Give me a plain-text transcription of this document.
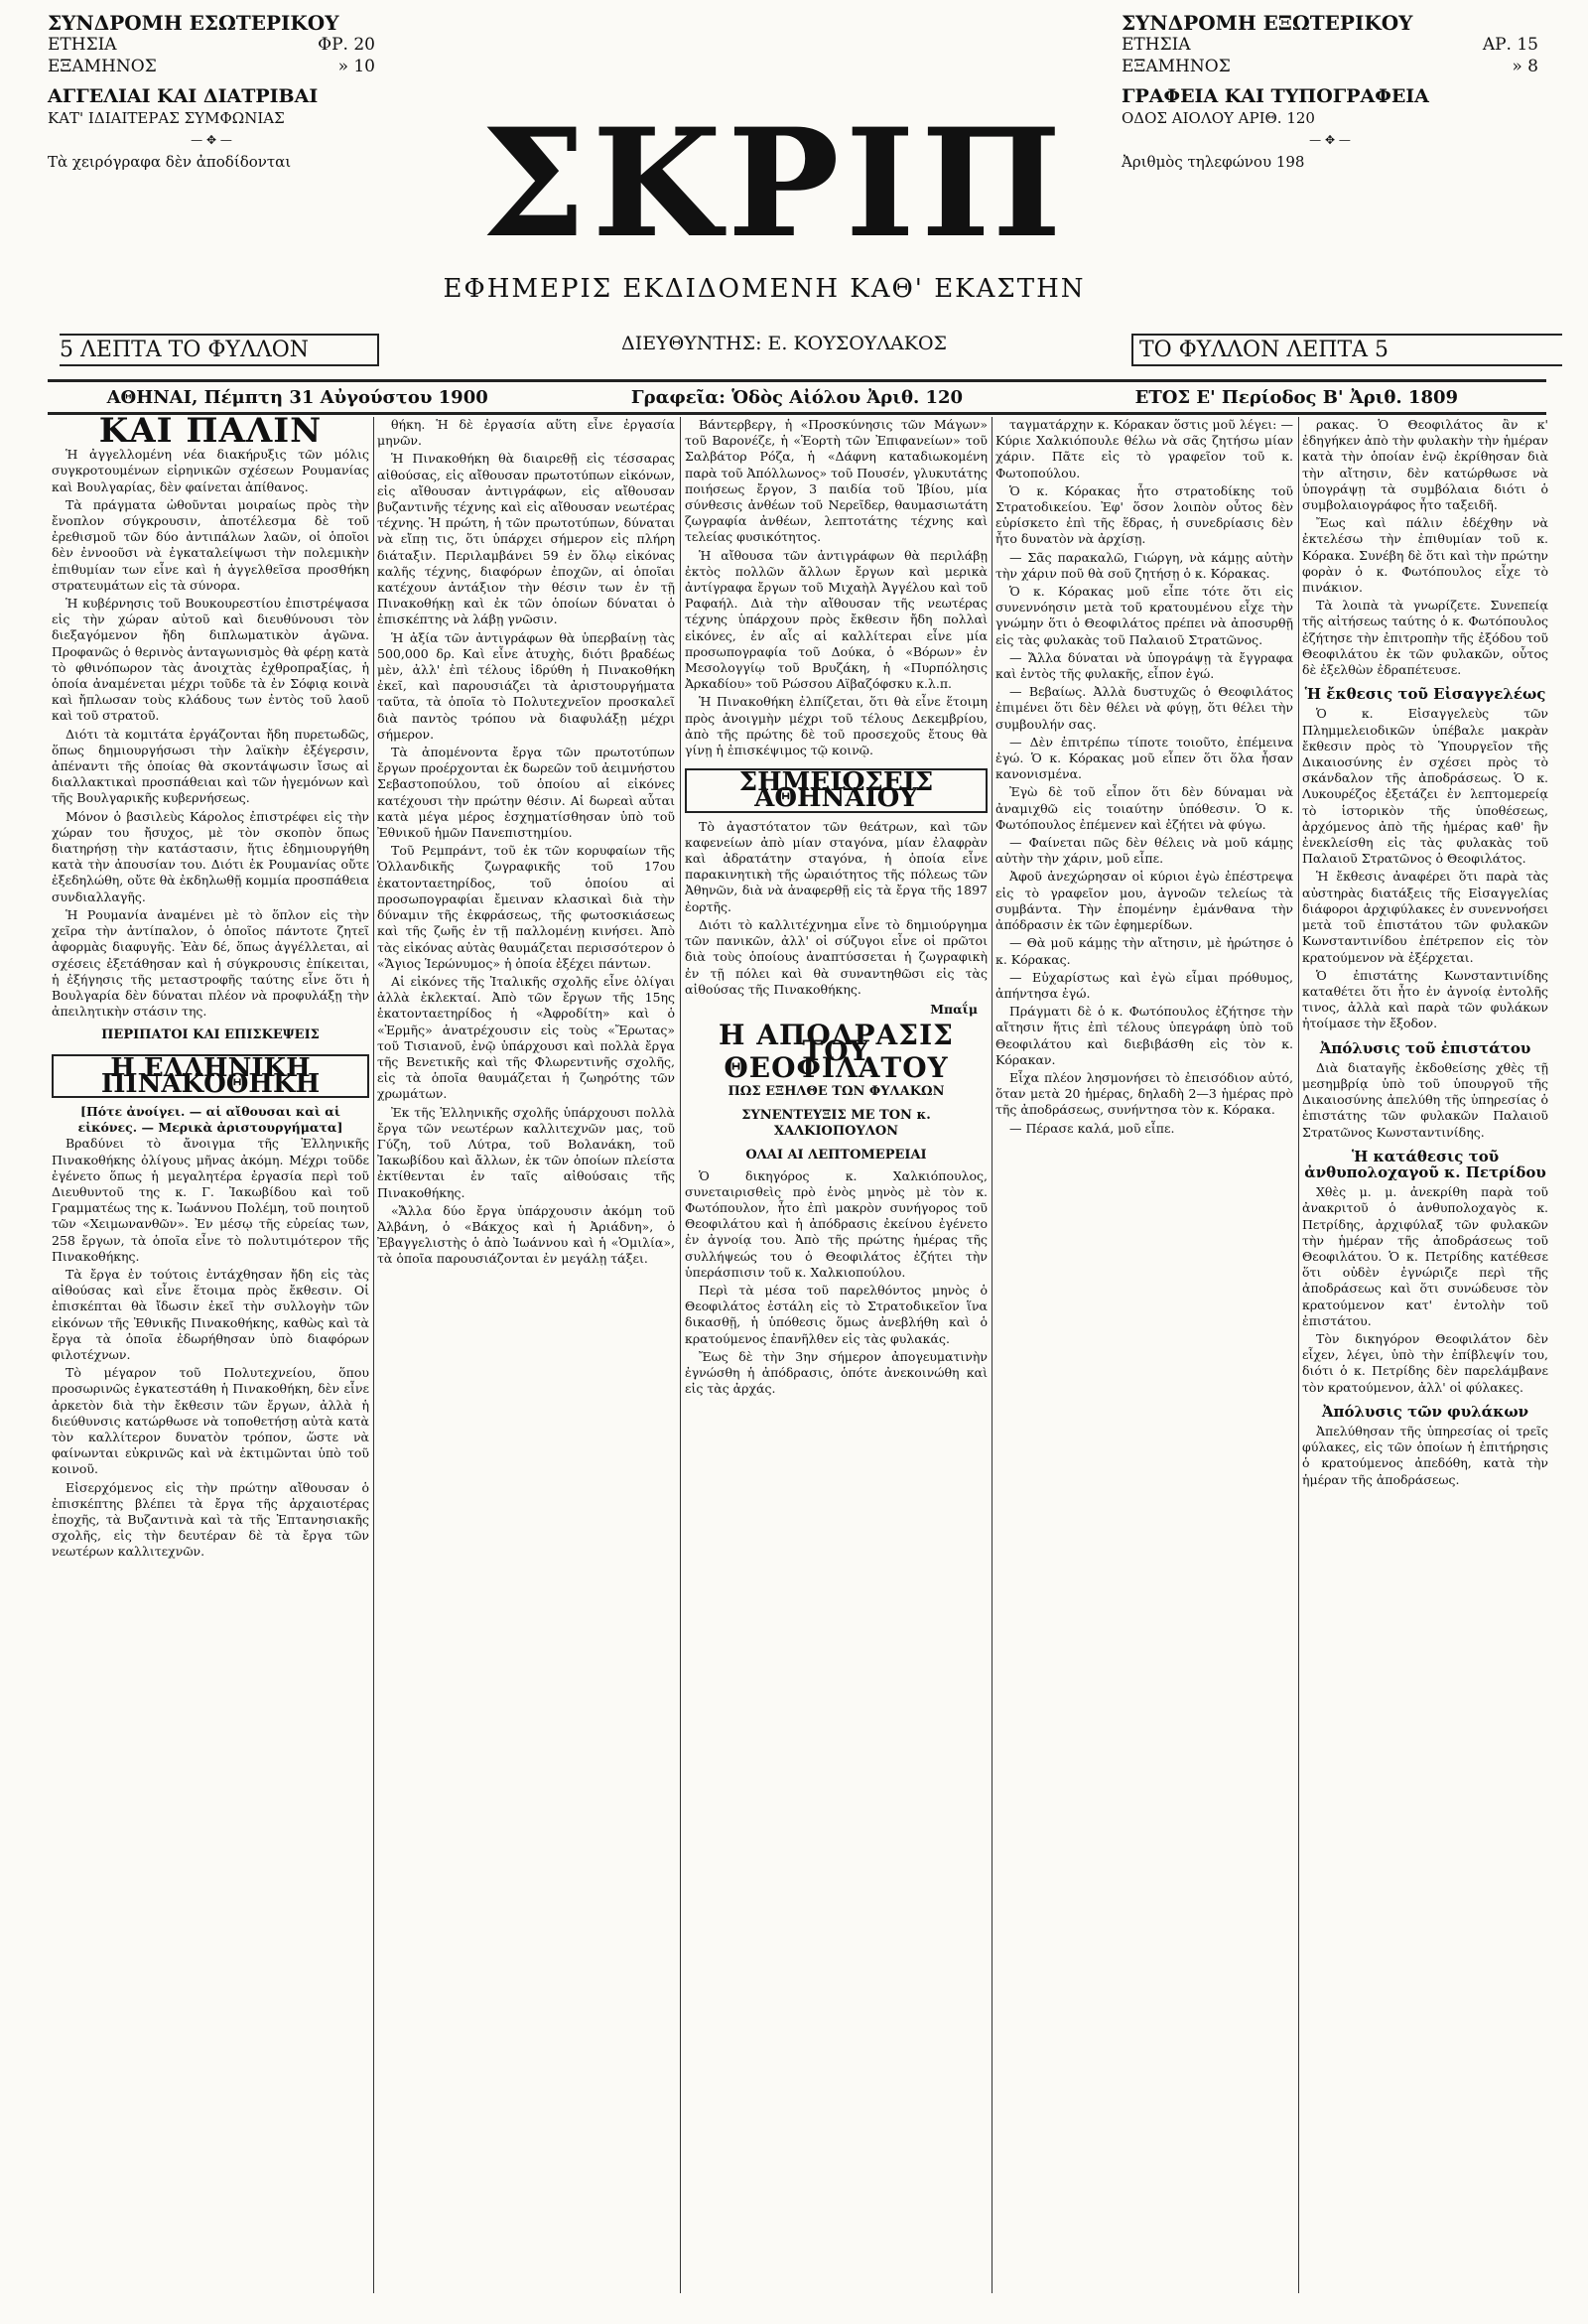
ΣΥΝΔΡΟΜΗ ΕΣΩΤΕΡΙΚΟΥ
ΕΤΗΣΙΑ	ΦΡ. 20
ΕΞΑΜΗΝΟΣ	» 10
ΑΓΓΕΛΙΑΙ ΚΑΙ ΔΙΑΤΡΙΒΑΙ
ΚΑΤ' ΙΔΙΑΙΤΕΡΑΣ ΣΥΜΦΩΝΙΑΣ
— ✥ —
Τὰ χειρόγραφα δὲν ἀποδίδονται
ΣΥΝΔΡΟΜΗ ΕΞΩΤΕΡΙΚΟΥ
ΕΤΗΣΙΑ	ΑΡ. 15
ΕΞΑΜΗΝΟΣ	» 8
ΓΡΑΦΕΙΑ ΚΑΙ ΤΥΠΟΓΡΑΦΕΙΑ
ΟΔΟΣ ΑΙΟΛΟΥ ΑΡΙΘ. 120
— ✥ —
Ἀριθμὸς τηλεφώνου 198
ΣΚΡΙΠ
ΕΦΗΜΕΡΙΣ ΕΚΔΙΔΟΜΕΝΗ ΚΑΘ' ΕΚΑΣΤΗΝ
ΔΙΕΥΘΥΝΤΗΣ: Ε. ΚΟΥΣΟΥΛΑΚΟΣ
5 ΛΕΠΤΑ ΤΟ ΦΥΛΛΟΝ	ΤΟ ΦΥΛΛΟΝ ΛΕΠΤΑ 5
ΑΘΗΝΑΙ, Πέμπτη 31 Αὐγούστου 1900	Γραφεῖα: Ὁδὸς Αἰόλου Ἀριθ. 120	ΕΤΟΣ Ε' Περίοδος Β' Ἀριθ. 1809
ΚΑΙ ΠΑΛΙΝ

Ἡ ἀγγελλομένη νέα διακήρυξις τῶν μόλις συγκροτουμένων εἰρηνικῶν σχέσεων Ρουμανίας καὶ Βουλγαρίας, δὲν φαίνεται ἀπίθανος.

Τὰ πράγματα ὠθοῦνται μοιραίως πρὸς τὴν ἔνοπλον σύγκρουσιν, ἀποτέλεσμα δὲ τοῦ ἐρεθισμοῦ τῶν δύο ἀντιπάλων λαῶν, οἱ ὁποῖοι δὲν ἐννοοῦσι νὰ ἐγκαταλείψωσι τὴν πολεμικὴν ἐπιθυμίαν των εἶνε καὶ ἡ ἀγγελθεῖσα προσθήκη στρατευμάτων εἰς τὰ σύνορα.

Ἡ κυβέρνησις τοῦ Βουκουρεστίου ἐπιστρέψασα εἰς τὴν χώραν αὐτοῦ καὶ διευθύνουσι τὸν διεξαγόμενον ἤδη διπλωματικὸν ἀγῶνα. Προφανῶς ὁ θερινὸς ἀνταγωνισμὸς θὰ φέρῃ κατὰ τὸ φθινόπωρον τὰς ἀνοιχτὰς ἐχθροπραξίας, ἡ ὁποία ἀναμένεται μέχρι τοῦδε τὰ ἐν Σόφιᾳ κοινὰ καὶ ἤπλωσαν τοὺς κλάδους των ἐντὸς τοῦ λαοῦ καὶ τοῦ στρατοῦ.

Διότι τὰ κομιτάτα ἐργάζονται ἤδη πυρετωδῶς, ὅπως δημιουργήσωσι τὴν λαϊκὴν ἐξέγερσιν, ἀπέναντι τῆς ὁποίας θὰ σκοντάψωσιν ἴσως αἱ διαλλακτικαὶ προσπάθειαι καὶ τῶν ἡγεμόνων καὶ τῆς Βουλγαρικῆς κυβερνήσεως.

Μόνον ὁ βασιλεὺς Κάρολος ἐπιστρέφει εἰς τὴν χώραν του ἤσυχος, μὲ τὸν σκοπὸν ὅπως διατηρήσῃ τὴν κατάστασιν, ἥτις ἐδημιουργήθη κατὰ τὴν ἀπουσίαν του. Διότι ἐκ Ρουμανίας οὔτε ἐξεδηλώθη, οὔτε θὰ ἐκδηλωθῇ κομμία προσπάθεια συνδιαλλαγῆς.

Ἡ Ρουμανία ἀναμένει μὲ τὸ ὅπλον εἰς τὴν χεῖρα τὴν ἀντίπαλον, ὁ ὁποῖος πάντοτε ζητεῖ ἀφορμὰς διαφυγῆς. Ἐὰν δέ, ὅπως ἀγγέλλεται, αἱ σχέσεις ἐξετάθησαν καὶ ἡ σύγκρουσις ἐπίκειται, ἡ ἐξήγησις τῆς μεταστροφῆς ταύτης εἶνε ὅτι ἡ Βουλγαρία δὲν δύναται πλέον νὰ προφυλάξῃ τὴν ἀπειλητικὴν στάσιν της.

ΠΕΡΙΠΑΤΟΙ ΚΑΙ ΕΠΙΣΚΕΨΕΙΣ
Η ΕΛΛΗΝΙΚΗ ΠΙΝΑΚΟΘΗΚΗ
[Πότε ἀνοίγει. — αἱ αἴθουσαι καὶ αἱ εἰκόνες. — Μερικὰ ἀριστουργήματα]

Βραδύνει τὸ ἄνοιγμα τῆς Ἑλληνικῆς Πινακοθήκης ὀλίγους μῆνας ἀκόμη. Μέχρι τοῦδε ἐγένετο ὅπως ἡ μεγαλητέρα ἐργασία περὶ τοῦ Διευθυντοῦ της κ. Γ. Ἰακωβίδου καὶ τοῦ Γραμματέως της κ. Ἰωάννου Πολέμη, τοῦ ποιητοῦ τῶν «Χειμωνανθῶν». Ἐν μέσῳ τῆς εὐρείας των, 258 ἔργων, τὰ ὁποῖα εἶνε τὸ πολυτιμότερον τῆς Πινακοθήκης.

Τὰ ἔργα ἐν τούτοις ἐντάχθησαν ἤδη εἰς τὰς αἰθούσας καὶ εἶνε ἕτοιμα πρὸς ἔκθεσιν. Οἱ ἐπισκέπται θὰ ἴδωσιν ἐκεῖ τὴν συλλογὴν τῶν εἰκόνων τῆς Ἐθνικῆς Πινακοθήκης, καθὼς καὶ τὰ ἔργα τὰ ὁποῖα ἐδωρήθησαν ὑπὸ διαφόρων φιλοτέχνων.

Τὸ μέγαρον τοῦ Πολυτεχνείου, ὅπου προσωρινῶς ἐγκατεστάθη ἡ Πινακοθήκη, δὲν εἶνε ἀρκετὸν διὰ τὴν ἔκθεσιν τῶν ἔργων, ἀλλὰ ἡ διεύθυνσις κατώρθωσε νὰ τοποθετήσῃ αὐτὰ κατὰ τὸν καλλίτερον δυνατὸν τρόπον, ὥστε νὰ φαίνωνται εὐκρινῶς καὶ νὰ ἐκτιμῶνται ὑπὸ τοῦ κοινοῦ.

Εἰσερχόμενος εἰς τὴν πρώτην αἴθουσαν ὁ ἐπισκέπτης βλέπει τὰ ἔργα τῆς ἀρχαιοτέρας ἐποχῆς, τὰ Βυζαντινὰ καὶ τὰ τῆς Ἑπτανησιακῆς σχολῆς, εἰς τὴν δευτέραν δὲ τὰ ἔργα τῶν νεωτέρων καλλιτεχνῶν.

θήκη. Ἡ δὲ ἐργασία αὕτη εἶνε ἐργασία μηνῶν.

Ἡ Πινακοθήκη θὰ διαιρεθῇ εἰς τέσσαρας αἰθούσας, εἰς αἴθουσαν πρωτοτύπων εἰκόνων, εἰς αἴθουσαν ἀντιγράφων, εἰς αἴθουσαν βυζαντινῆς τέχνης καὶ εἰς αἴθουσαν νεωτέρας τέχνης. Ἡ πρώτη, ἡ τῶν πρωτοτύπων, δύναται νὰ εἴπῃ τις, ὅτι ὑπάρχει σήμερον εἰς πλήρη διάταξιν. Περιλαμβάνει 59 ἐν ὅλῳ εἰκόνας καλῆς τέχνης, διαφόρων ἐποχῶν, αἱ ὁποῖαι κατέχουν ἀντάξιον τὴν θέσιν των ἐν τῇ Πινακοθήκῃ καὶ ἐκ τῶν ὁποίων δύναται ὁ ἐπισκέπτης νὰ λάβῃ γνῶσιν.

Ἡ ἀξία τῶν ἀντιγράφων θὰ ὑπερβαίνῃ τὰς 500,000 δρ. Καὶ εἶνε ἀτυχὴς, διότι βραδέως μὲν, ἀλλ' ἐπὶ τέλους ἱδρύθη ἡ Πινακοθήκη ἐκεῖ, καὶ παρουσιάζει τὰ ἀριστουργήματα ταῦτα, τὰ ὁποῖα τὸ Πολυτεχνεῖον προσκαλεῖ διὰ παντὸς τρόπου νὰ διαφυλάξῃ μέχρι σήμερον.

Τὰ ἀπομένοντα ἔργα τῶν πρωτοτύπων ἔργων προέρχονται ἐκ δωρεῶν τοῦ ἀειμνήστου Σεβαστοπούλου, τοῦ ὁποίου αἱ εἰκόνες κατέχουσι τὴν πρώτην θέσιν. Αἱ δωρεαὶ αὗται κατὰ μέγα μέρος ἐσχηματίσθησαν ὑπὸ τοῦ Ἐθνικοῦ ἡμῶν Πανεπιστημίου.

Τοῦ Ρεμπράντ, τοῦ ἐκ τῶν κορυφαίων τῆς Ὁλλανδικῆς ζωγραφικῆς τοῦ 17ου ἑκατονταετηρίδος, τοῦ ὁποίου αἱ προσωπογραφίαι ἔμειναν κλασικαὶ διὰ τὴν δύναμιν τῆς ἐκφράσεως, τῆς φωτοσκιάσεως καὶ τῆς ζωῆς ἐν τῇ παλλομένῃ κινήσει. Ἀπὸ τὰς εἰκόνας αὐτὰς θαυμάζεται περισσότερον ὁ «Ἅγιος Ἱερώνυμος» ἡ ὁποία ἐξέχει πάντων.

Αἱ εἰκόνες τῆς Ἰταλικῆς σχολῆς εἶνε ὀλίγαι ἀλλὰ ἐκλεκταί. Ἀπὸ τῶν ἔργων τῆς 15ης ἑκατονταετηρίδος ἡ «Ἀφροδίτη» καὶ ὁ «Ἑρμῆς» ἀνατρέχουσιν εἰς τοὺς «Ἔρωτας» τοῦ Τισιανοῦ, ἐνῷ ὑπάρχουσι καὶ πολλὰ ἔργα τῆς Βενετικῆς καὶ τῆς Φλωρεντινῆς σχολῆς, εἰς τὰ ὁποῖα θαυμάζεται ἡ ζωηρότης τῶν χρωμάτων.

Ἐκ τῆς Ἑλληνικῆς σχολῆς ὑπάρχουσι πολλὰ ἔργα τῶν νεωτέρων καλλιτεχνῶν μας, τοῦ Γύζη, τοῦ Λύτρα, τοῦ Βολανάκη, τοῦ Ἰακωβίδου καὶ ἄλλων, ἐκ τῶν ὁποίων πλείστα ἐκτίθενται ἐν ταῖς αἰθούσαις τῆς Πινακοθήκης.

«Ἄλλα δύο ἔργα ὑπάρχουσιν ἀκόμη τοῦ Ἀλβάνη, ὁ «Βάκχος καὶ ἡ Ἀριάδνη», ὁ Ἐβαγγελιστὴς ὁ ἀπὸ Ἰωάννου καὶ ἡ «Ὁμιλία», τὰ ὁποῖα παρουσιάζονται ἐν μεγάλῃ τάξει.

Βάντερβεργ, ἡ «Προσκύνησις τῶν Μάγων» τοῦ Βαρονέζε, ἡ «Ἑορτὴ τῶν Ἐπιφανείων» τοῦ Σαλβάτορ Ρόζα, ἡ «Δάφνη καταδιωκομένη παρὰ τοῦ Ἀπόλλωνος» τοῦ Πουσέν, γλυκυτάτης ποιήσεως ἔργον, 3 παιδία τοῦ Ἰβίου, μία σύνθεσις ἀνθέων τοῦ Νερεῖδερ, θαυμασιωτάτη ζωγραφία ἀνθέων, λεπτοτάτης τέχνης καὶ τελείας φυσικότητος.

Ἡ αἴθουσα τῶν ἀντιγράφων θὰ περιλάβῃ ἐκτὸς πολλῶν ἄλλων ἔργων καὶ μερικὰ ἀντίγραφα ἔργων τοῦ Μιχαὴλ Ἀγγέλου καὶ τοῦ Ραφαήλ. Διὰ τὴν αἴθουσαν τῆς νεωτέρας τέχνης ὑπάρχουν πρὸς ἔκθεσιν ἤδη πολλαὶ εἰκόνες, ἐν αἷς αἱ καλλίτεραι εἶνε μία προσωπογραφία τοῦ Δούκα, ὁ «Βόρων» ἐν Μεσολογγίῳ τοῦ Βρυζάκη, ἡ «Πυρπόλησις Ἀρκαδίου» τοῦ Ρώσσου Αϊβαζόφσκυ κ.λ.π.

Ἡ Πινακοθήκη ἐλπίζεται, ὅτι θὰ εἶνε ἕτοιμη πρὸς ἀνοιγμὴν μέχρι τοῦ τέλους Δεκεμβρίου, ἀπὸ τῆς πρώτης δὲ τοῦ προσεχοῦς ἔτους θὰ γίνῃ ἡ ἐπισκέψιμος τῷ κοινῷ.

ΣΗΜΕΙΩΣΕΙΣ ΑΘΗΝΑΙΟΥ

Τὸ ἀγαστότατον τῶν θεάτρων, καὶ τῶν καφενείων ἀπὸ μίαν σταγόνα, μίαν ἐλαφρὰν καὶ ἀδρατάτην σταγόνα, ἡ ὁποία εἶνε παρακινητικὴ τῆς ὠραιότητος τῆς πόλεως τῶν Ἀθηνῶν, διὰ νὰ ἀναφερθῇ εἰς τὰ ἔργα τῆς 1897 ἐορτῆς.

Διότι τὸ καλλιτέχνημα εἶνε τὸ δημιούργημα τῶν πανικῶν, ἀλλ' οἱ σύζυγοι εἶνε οἱ πρῶτοι διὰ τοὺς ὁποίους ἀναπτύσσεται ἡ ζωγραφικὴ ἐν τῇ πόλει καὶ θὰ συναντηθῶσι εἰς τὰς αἰθούσας τῆς Πινακοθήκης.

Μπαΐμ
Η ΑΠΟΔΡΑΣΙΣ ΤΟΥ ΘΕΟΦΙΛΑΤΟΥ
ΠΩΣ ΕΞΗΛΘΕ ΤΩΝ ΦΥΛΑΚΩΝ
ΣΥΝΕΝΤΕΥΞΙΣ ΜΕ ΤΟΝ κ. ΧΑΛΚΙΟΠΟΥΛΟΝ
ΟΛΑΙ ΑΙ ΛΕΠΤΟΜΕΡΕΙΑΙ

Ὁ δικηγόρος κ. Χαλκιόπουλος, συνεταιρισθεὶς πρὸ ἑνὸς μηνὸς μὲ τὸν κ. Φωτόπουλον, ἦτο ἐπὶ μακρὸν συνήγορος τοῦ Θεοφιλάτου καὶ ἡ ἀπόδρασις ἐκείνου ἐγένετο ἐν ἀγνοίᾳ του. Ἀπὸ τῆς πρώτης ἡμέρας τῆς συλλήψεώς του ὁ Θεοφιλάτος ἐζήτει τὴν ὑπεράσπισιν τοῦ κ. Χαλκιοπούλου.

Περὶ τὰ μέσα τοῦ παρελθόντος μηνὸς ὁ Θεοφιλάτος ἐστάλη εἰς τὸ Στρατοδικεῖον ἵνα δικασθῇ, ἡ ὑπόθεσις ὅμως ἀνεβλήθη καὶ ὁ κρατούμενος ἐπανῆλθεν εἰς τὰς φυλακάς.

Ἔως δὲ τὴν 3ην σήμερον ἀπογευματινὴν ἐγνώσθη ἡ ἀπόδρασις, ὁπότε ἀνεκοινώθη καὶ εἰς τὰς ἀρχάς.

ταγματάρχην κ. Κόρακαν ὅστις μοῦ λέγει: — Κύριε Χαλκιόπουλε θέλω νὰ σᾶς ζητήσω μίαν χάριν. Πᾶτε εἰς τὸ γραφεῖον τοῦ κ. Φωτοπούλου.

Ὁ κ. Κόρακας ἦτο στρατοδίκης τοῦ Στρατοδικείου. Ἐφ' ὅσον λοιπὸν οὗτος δὲν εὑρίσκετο ἐπὶ τῆς ἕδρας, ἡ συνεδρίασις δὲν ἦτο δυνατὸν νὰ ἀρχίσῃ.

— Σᾶς παρακαλῶ, Γιώργη, νὰ κάμῃς αὐτὴν τὴν χάριν ποῦ θὰ σοῦ ζητήσῃ ὁ κ. Κόρακας.

Ὁ κ. Κόρακας μοῦ εἶπε τότε ὅτι εἰς συνεννόησιν μετὰ τοῦ κρατουμένου εἶχε τὴν γνώμην ὅτι ὁ Θεοφιλάτος πρέπει νὰ ἀποσυρθῇ εἰς τὰς φυλακὰς τοῦ Παλαιοῦ Στρατῶνος.

— Ἄλλα δύναται νὰ ὑπογράψῃ τὰ ἔγγραφα καὶ ἐντὸς τῆς φυλακῆς, εἶπον ἐγώ.

— Βεβαίως. Ἀλλὰ δυστυχῶς ὁ Θεοφιλάτος ἐπιμένει ὅτι δὲν θέλει νὰ φύγῃ, ὅτι θέλει τὴν συμβουλήν σας.

— Δὲν ἐπιτρέπω τίποτε τοιοῦτο, ἐπέμεινα ἐγώ. Ὁ κ. Κόρακας μοῦ εἶπεν ὅτι ὅλα ἦσαν κανονισμένα.

Ἐγὼ δὲ τοῦ εἶπον ὅτι δὲν δύναμαι νὰ ἀναμιχθῶ εἰς τοιαύτην ὑπόθεσιν. Ὁ κ. Φωτόπουλος ἐπέμενεν καὶ ἐζήτει νὰ φύγω.

— Φαίνεται πῶς δὲν θέλεις νὰ μοῦ κάμῃς αὐτὴν τὴν χάριν, μοῦ εἶπε.

Ἀφοῦ ἀνεχώρησαν οἱ κύριοι ἐγὼ ἐπέστρεψα εἰς τὸ γραφεῖον μου, ἀγνοῶν τελείως τὰ συμβάντα. Τὴν ἑπομένην ἐμάνθανα τὴν ἀπόδρασιν ἐκ τῶν ἐφημερίδων.

— Θὰ μοῦ κάμῃς τὴν αἴτησιν, μὲ ἠρώτησε ὁ κ. Κόρακας.

— Εὐχαρίστως καὶ ἐγὼ εἶμαι πρόθυμος, ἀπήντησα ἐγώ.

Πράγματι δὲ ὁ κ. Φωτόπουλος ἐζήτησε τὴν αἴτησιν ἥτις ἐπὶ τέλους ὑπεγράφη ὑπὸ τοῦ Θεοφιλάτου καὶ διεβιβάσθη εἰς τὸν κ. Κόρακαν.

Εἶχα πλέον λησμονήσει τὸ ἐπεισόδιον αὐτό, ὅταν μετὰ 20 ἡμέρας, δηλαδὴ 2—3 ἡμέρας πρὸ τῆς ἀποδράσεως, συνήντησα τὸν κ. Κόρακα.

— Πέρασε καλά, μοῦ εἶπε.

ρακας. Ὁ Θεοφιλάτος ἂν κ' ἐδηγήκεν ἀπὸ τὴν φυλακὴν τὴν ἡμέραν κατὰ τὴν ὁποίαν ἐνῷ ἐκρίθησαν διὰ τὴν αἴτησιν, δὲν κατώρθωσε νὰ ὑπογράψῃ τὰ συμβόλαια διότι ὁ συμβολαιογράφος ἦτο ταξειδῆ.

Ἔως καὶ πάλιν ἐδέχθην νὰ ἐκτελέσω τὴν ἐπιθυμίαν τοῦ κ. Κόρακα. Συνέβη δὲ ὅτι καὶ τὴν πρώτην φορὰν ὁ κ. Φωτόπουλος εἶχε τὸ πινάκιον.

Τὰ λοιπὰ τὰ γνωρίζετε. Συνεπείᾳ τῆς αἰτήσεως ταύτης ὁ κ. Φωτόπουλος ἐζήτησε τὴν ἐπιτροπὴν τῆς ἐξόδου τοῦ Θεοφιλάτου ἐκ τῶν φυλακῶν, οὗτος δὲ ἐξελθὼν ἐδραπέτευσε.

Ἡ ἔκθεσις τοῦ Εἰσαγγελέως

Ὁ κ. Εἰσαγγελεὺς τῶν Πλημμελειοδικῶν ὑπέβαλε μακρὰν ἔκθεσιν πρὸς τὸ Ὑπουργεῖον τῆς Δικαιοσύνης ἐν σχέσει πρὸς τὸ σκάνδαλον τῆς ἀποδράσεως. Ὁ κ. Λυκουρέζος ἐξετάζει ἐν λεπτομερείᾳ τὸ ἱστορικὸν τῆς ὑποθέσεως, ἀρχόμενος ἀπὸ τῆς ἡμέρας καθ' ἣν ἐνεκλείσθη εἰς τὰς φυλακὰς τοῦ Παλαιοῦ Στρατῶνος ὁ Θεοφιλάτος.

Ἡ ἔκθεσις ἀναφέρει ὅτι παρὰ τὰς αὐστηρὰς διατάξεις τῆς Εἰσαγγελίας διάφοροι ἀρχιφύλακες ἐν συνεννοήσει μετὰ τοῦ ἐπιστάτου τῶν φυλακῶν Κωνσταντινίδου ἐπέτρεπον εἰς τὸν κρατούμενον νὰ ἐξέρχεται.

Ὁ ἐπιστάτης Κωνσταντινίδης καταθέτει ὅτι ἦτο ἐν ἀγνοίᾳ ἐντολῆς τινος, ἀλλὰ καὶ παρὰ τῶν φυλάκων ἠτοίμασε τὴν ἔξοδον.

Ἀπόλυσις τοῦ ἐπιστάτου

Διὰ διαταγῆς ἐκδοθείσης χθὲς τῇ μεσημβρίᾳ ὑπὸ τοῦ ὑπουργοῦ τῆς Δικαιοσύνης ἀπελύθη τῆς ὑπηρεσίας ὁ ἐπιστάτης τῶν φυλακῶν Παλαιοῦ Στρατῶνος Κωνσταντινίδης.

Ἡ κατάθεσις τοῦ ἀνθυπολοχαγοῦ κ. Πετρίδου

Χθὲς μ. μ. ἀνεκρίθη παρὰ τοῦ ἀνακριτοῦ ὁ ἀνθυπολοχαγὸς κ. Πετρίδης, ἀρχιφύλαξ τῶν φυλακῶν τὴν ἡμέραν τῆς ἀποδράσεως τοῦ Θεοφιλάτου. Ὁ κ. Πετρίδης κατέθεσε ὅτι οὐδὲν ἐγνώριζε περὶ τῆς ἀποδράσεως καὶ ὅτι συνώδευσε τὸν κρατούμενον κατ' ἐντολὴν τοῦ ἐπιστάτου.

Τὸν δικηγόρον Θεοφιλάτον δὲν εἶχεν, λέγει, ὑπὸ τὴν ἐπίβλεψίν του, διότι ὁ κ. Πετρίδης δὲν παρελάμβανε τὸν κρατούμενον, ἀλλ' οἱ φύλακες.

Ἀπόλυσις τῶν φυλάκων

Ἀπελύθησαν τῆς ὑπηρεσίας οἱ τρεῖς φύλακες, εἰς τῶν ὁποίων ἡ ἐπιτήρησις ὁ κρατούμενος ἀπεδόθη, κατὰ τὴν ἡμέραν τῆς ἀποδράσεως.
